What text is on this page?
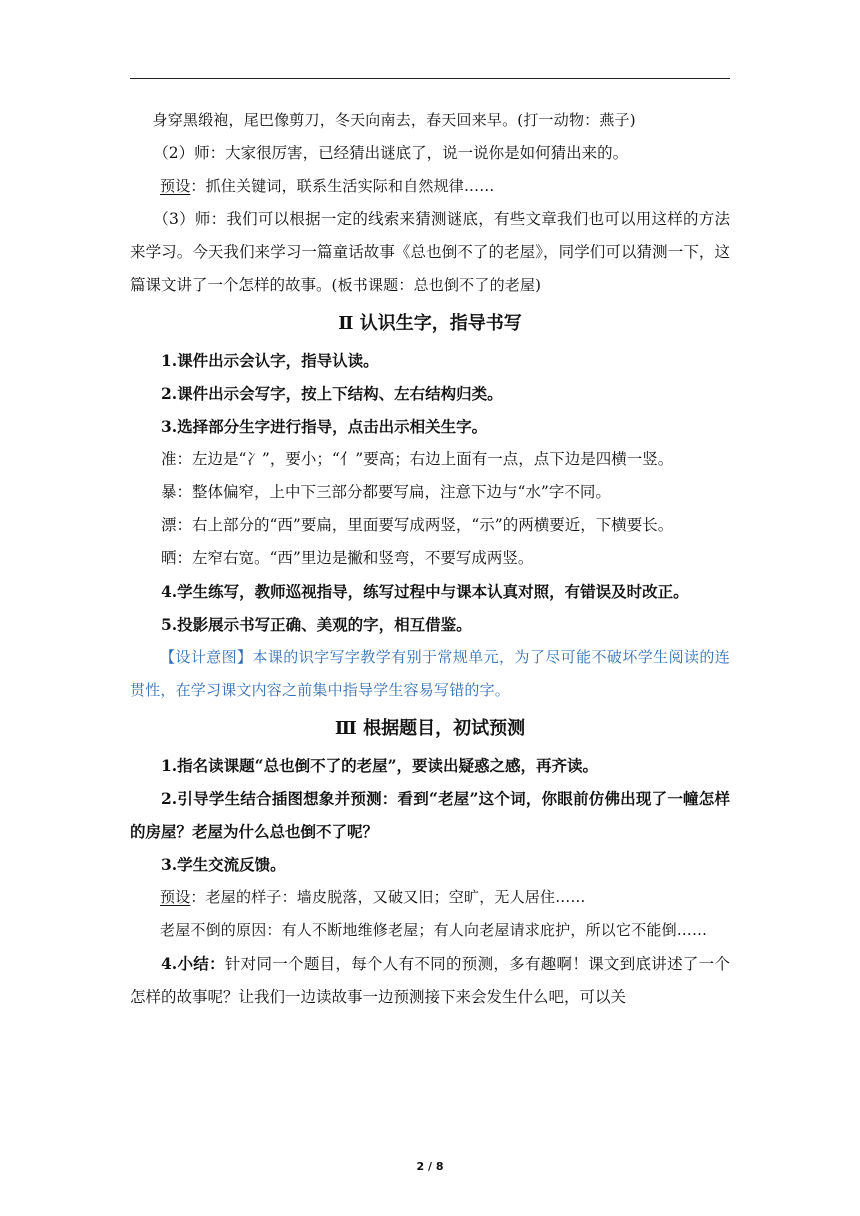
身穿黑缎袍，尾巴像剪刀，冬天向南去，春天回来早。(打一动物：燕子)

（2）师：大家很厉害，已经猜出谜底了，说一说你是如何猜出来的。

预设：抓住关键词，联系生活实际和自然规律……

（3）师：我们可以根据一定的线索来猜测谜底，有些文章我们也可以用这样的方法来学习。今天我们来学习一篇童话故事《总也倒不了的老屋》，同学们可以猜测一下，这篇课文讲了一个怎样的故事。(板书课题：总也倒不了的老屋)

Ⅱ 认识生字，指导书写

1.课件出示会认字，指导认读。

2.课件出示会写字，按上下结构、左右结构归类。

3.选择部分生字进行指导，点击出示相关生字。

准：左边是“冫”，要小；“亻”要高；右边上面有一点，点下边是四横一竖。

暴：整体偏窄，上中下三部分都要写扁，注意下边与“水”字不同。

漂：右上部分的“西”要扁，里面要写成两竖，“示”的两横要近，下横要长。

晒：左窄右宽。“西”里边是撇和竖弯，不要写成两竖。

4.学生练写，教师巡视指导，练写过程中与课本认真对照，有错误及时改正。

5.投影展示书写正确、美观的字，相互借鉴。

【设计意图】本课的识字写字教学有别于常规单元，为了尽可能不破坏学生阅读的连贯性，在学习课文内容之前集中指导学生容易写错的字。

Ⅲ 根据题目，初试预测

1.指名读课题“总也倒不了的老屋”，要读出疑惑之感，再齐读。

2.引导学生结合插图想象并预测：看到“老屋”这个词，你眼前仿佛出现了一幢怎样的房屋？老屋为什么总也倒不了呢？

3.学生交流反馈。

预设：老屋的样子：墙皮脱落，又破又旧；空旷，无人居住……

老屋不倒的原因：有人不断地维修老屋；有人向老屋请求庇护，所以它不能倒……

4.小结：针对同一个题目，每个人有不同的预测，多有趣啊！课文到底讲述了一个怎样的故事呢？让我们一边读故事一边预测接下来会发生什么吧，可以关

2 / 8
